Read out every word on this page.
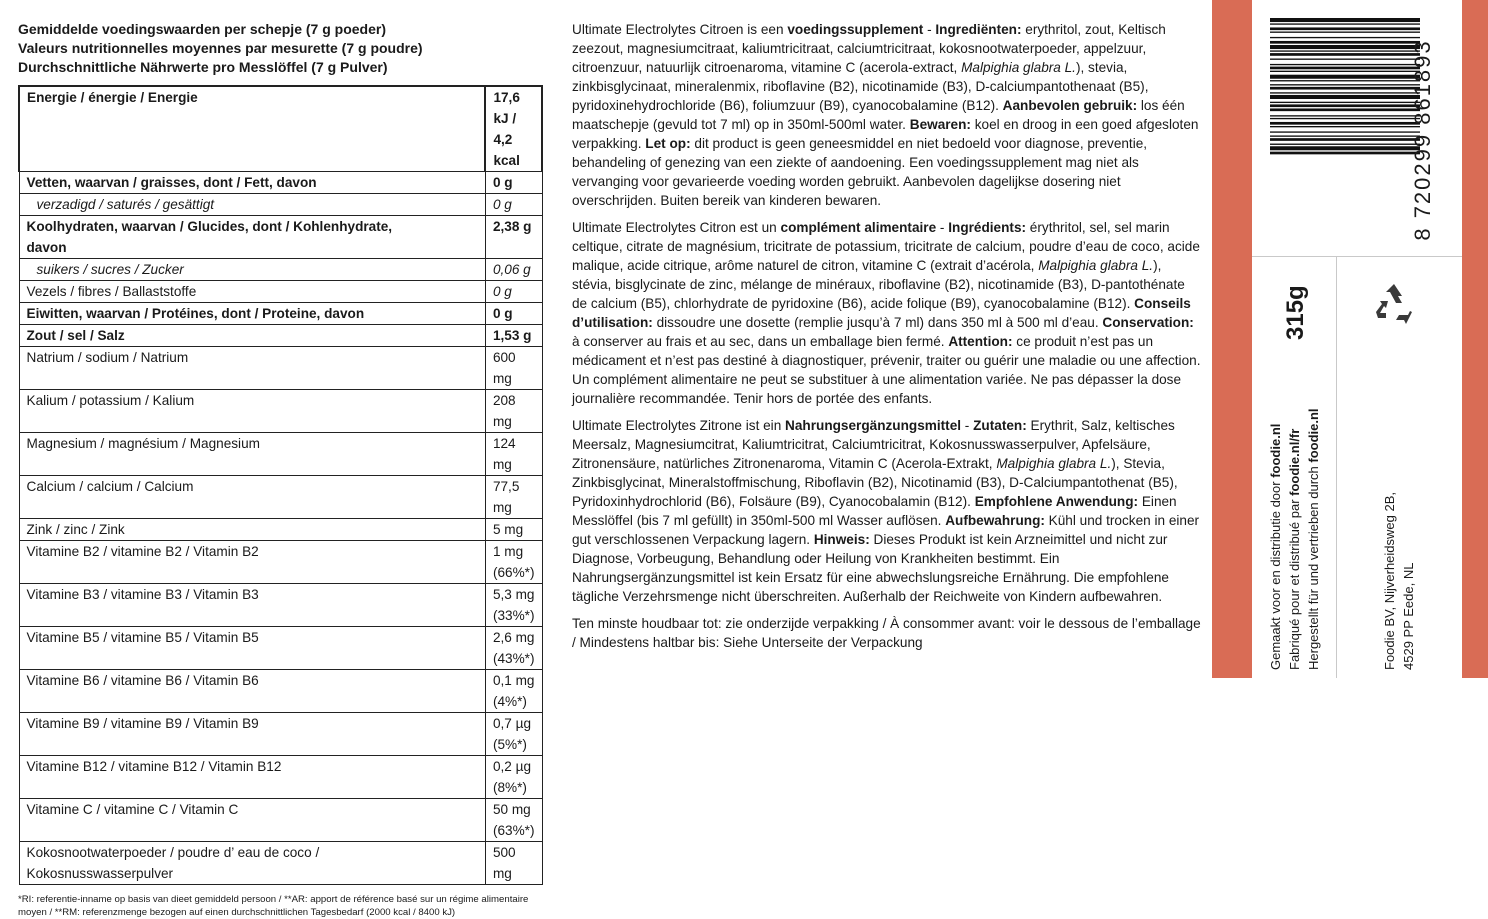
Gemiddelde voedingswaarden per schepje (7 g poeder)
Valeurs nutritionnelles moyennes par mesurette (7 g poudre)
Durchschnittliche Nährwerte pro Messlöffel (7 g Pulver)
Energie / énergie / Energie	17,6 kJ / 4,2 kcal
Vetten, waarvan / graisses, dont / Fett, davon	0 g
verzadigd / saturés / gesättigt	0 g
Koolhydraten, waarvan / Glucides, dont / Kohlenhydrate, davon	2,38 g
suikers / sucres / Zucker	0,06 g
Vezels / fibres / Ballaststoffe	0 g
Eiwitten, waarvan / Protéines, dont / Proteine, davon	0 g
Zout / sel / Salz	1,53 g
Natrium / sodium / Natrium	600 mg
Kalium / potassium / Kalium	208 mg
Magnesium / magnésium / Magnesium	124 mg
Calcium / calcium / Calcium	77,5 mg
Zink / zinc / Zink	5 mg
Vitamine B2 / vitamine B2 / Vitamin B2	1 mg (66%*)
Vitamine B3 / vitamine B3 / Vitamin B3	5,3 mg (33%*)
Vitamine B5 / vitamine B5 / Vitamin B5	2,6 mg (43%*)
Vitamine B6 / vitamine B6 / Vitamin B6	0,1 mg (4%*)
Vitamine B9 / vitamine B9 / Vitamin B9	0,7 µg (5%*)
Vitamine B12 / vitamine B12 / Vitamin B12	0,2 µg (8%*)
Vitamine C / vitamine C / Vitamin C	50 mg (63%*)
Kokosnootwaterpoeder / poudre d’ eau de coco / Kokosnusswasserpulver	500 mg
*RI: referentie-inname op basis van dieet gemiddeld persoon / **AR: apport de référence basé sur un régime alimentaire moyen / **RM: referenzmenge bezogen auf einen durchschnittlichen Tagesbedarf (2000 kcal / 8400 kJ)

Ultimate Electrolytes Citroen is een voedingssupplement - Ingrediënten: erythritol, zout, Keltisch zeezout, magnesiumcitraat, kaliumtricitraat, calciumtricitraat, kokosnootwaterpoeder, appelzuur, citroenzuur, natuurlijk citroenaroma, vitamine C (acerola-extract, Malpighia glabra L.), stevia, zinkbisglycinaat, mineralenmix, riboflavine (B2), nicotinamide (B3), D-calciumpantothenaat (B5), pyridoxinehydrochloride (B6), foliumzuur (B9), cyanocobalamine (B12). Aanbevolen gebruik: los één maatschepje (gevuld tot 7 ml) op in 350ml-500ml water. Bewaren: koel en droog in een goed afgesloten verpakking. Let op: dit product is geen geneesmiddel en niet bedoeld voor diagnose, preventie, behandeling of genezing van een ziekte of aandoening. Een voedingssupplement mag niet als vervanging voor gevarieerde voeding worden gebruikt. Aanbevolen dagelijkse dosering niet overschrijden. Buiten bereik van kinderen bewaren.

Ultimate Electrolytes Citron est un complément alimentaire - Ingrédients: érythritol, sel, sel marin celtique, citrate de magnésium, tricitrate de potassium, tricitrate de calcium, poudre d’eau de coco, acide malique, acide citrique, arôme naturel de citron, vitamine C (extrait d’acérola, Malpighia glabra L.), stévia, bisglycinate de zinc, mélange de minéraux, riboflavine (B2), nicotinamide (B3), D-pantothénate de calcium (B5), chlorhydrate de pyridoxine (B6), acide folique (B9), cyanocobalamine (B12). Conseils d’utilisation: dissoudre une dosette (remplie jusqu’à 7 ml) dans 350 ml à 500 ml d’eau. Conservation: à conserver au frais et au sec, dans un emballage bien fermé. Attention: ce produit n’est pas un médicament et n’est pas destiné à diagnostiquer, prévenir, traiter ou guérir une maladie ou une affection. Un complément alimentaire ne peut se substituer à une alimentation variée. Ne pas dépasser la dose journalière recommandée. Tenir hors de portée des enfants.

Ultimate Electrolytes Zitrone ist ein Nahrungsergänzungsmittel - Zutaten: Erythrit, Salz, keltisches Meersalz, Magnesiumcitrat, Kaliumtricitrat, Calciumtricitrat, Kokosnusswasserpulver, Apfelsäure, Zitronensäure, natürliches Zitronenaroma, Vitamin C (Acerola-Extrakt, Malpighia glabra L.), Stevia, Zinkbisglycinat, Mineralstoffmischung, Riboflavin (B2), Nicotinamid (B3), D-Calciumpantothenat (B5), Pyridoxinhydrochlorid (B6), Folsäure (B9), Cyanocobalamin (B12). Empfohlene Anwendung: Einen Messlöffel (bis 7 ml gefüllt) in 350ml-500 ml Wasser auflösen. Aufbewahrung: Kühl und trocken in einer gut verschlossenen Verpackung lagern. Hinweis: Dieses Produkt ist kein Arzneimittel und nicht zur Diagnose, Vorbeugung, Behandlung oder Heilung von Krankheiten bestimmt. Ein Nahrungsergänzungsmittel ist kein Ersatz für eine abwechslungsreiche Ernährung. Die empfohlene tägliche Verzehrsmenge nicht überschreiten. Außerhalb der Reichweite von Kindern aufbewahren.

Ten minste houdbaar tot: zie onderzijde verpakking / À consommer avant: voir le dessous de l’emballage / Mindestens haltbar bis: Siehe Unterseite der Verpackung

8 720299 861893
315g
Gemaakt voor en distributie door foodie.nl
Fabriqué pour et distribué par foodie.nl/fr
Hergestellt für und vertrieben durch foodie.nl
Foodie BV, Nijverheidsweg 2B, 4529 PP Eede, NL
